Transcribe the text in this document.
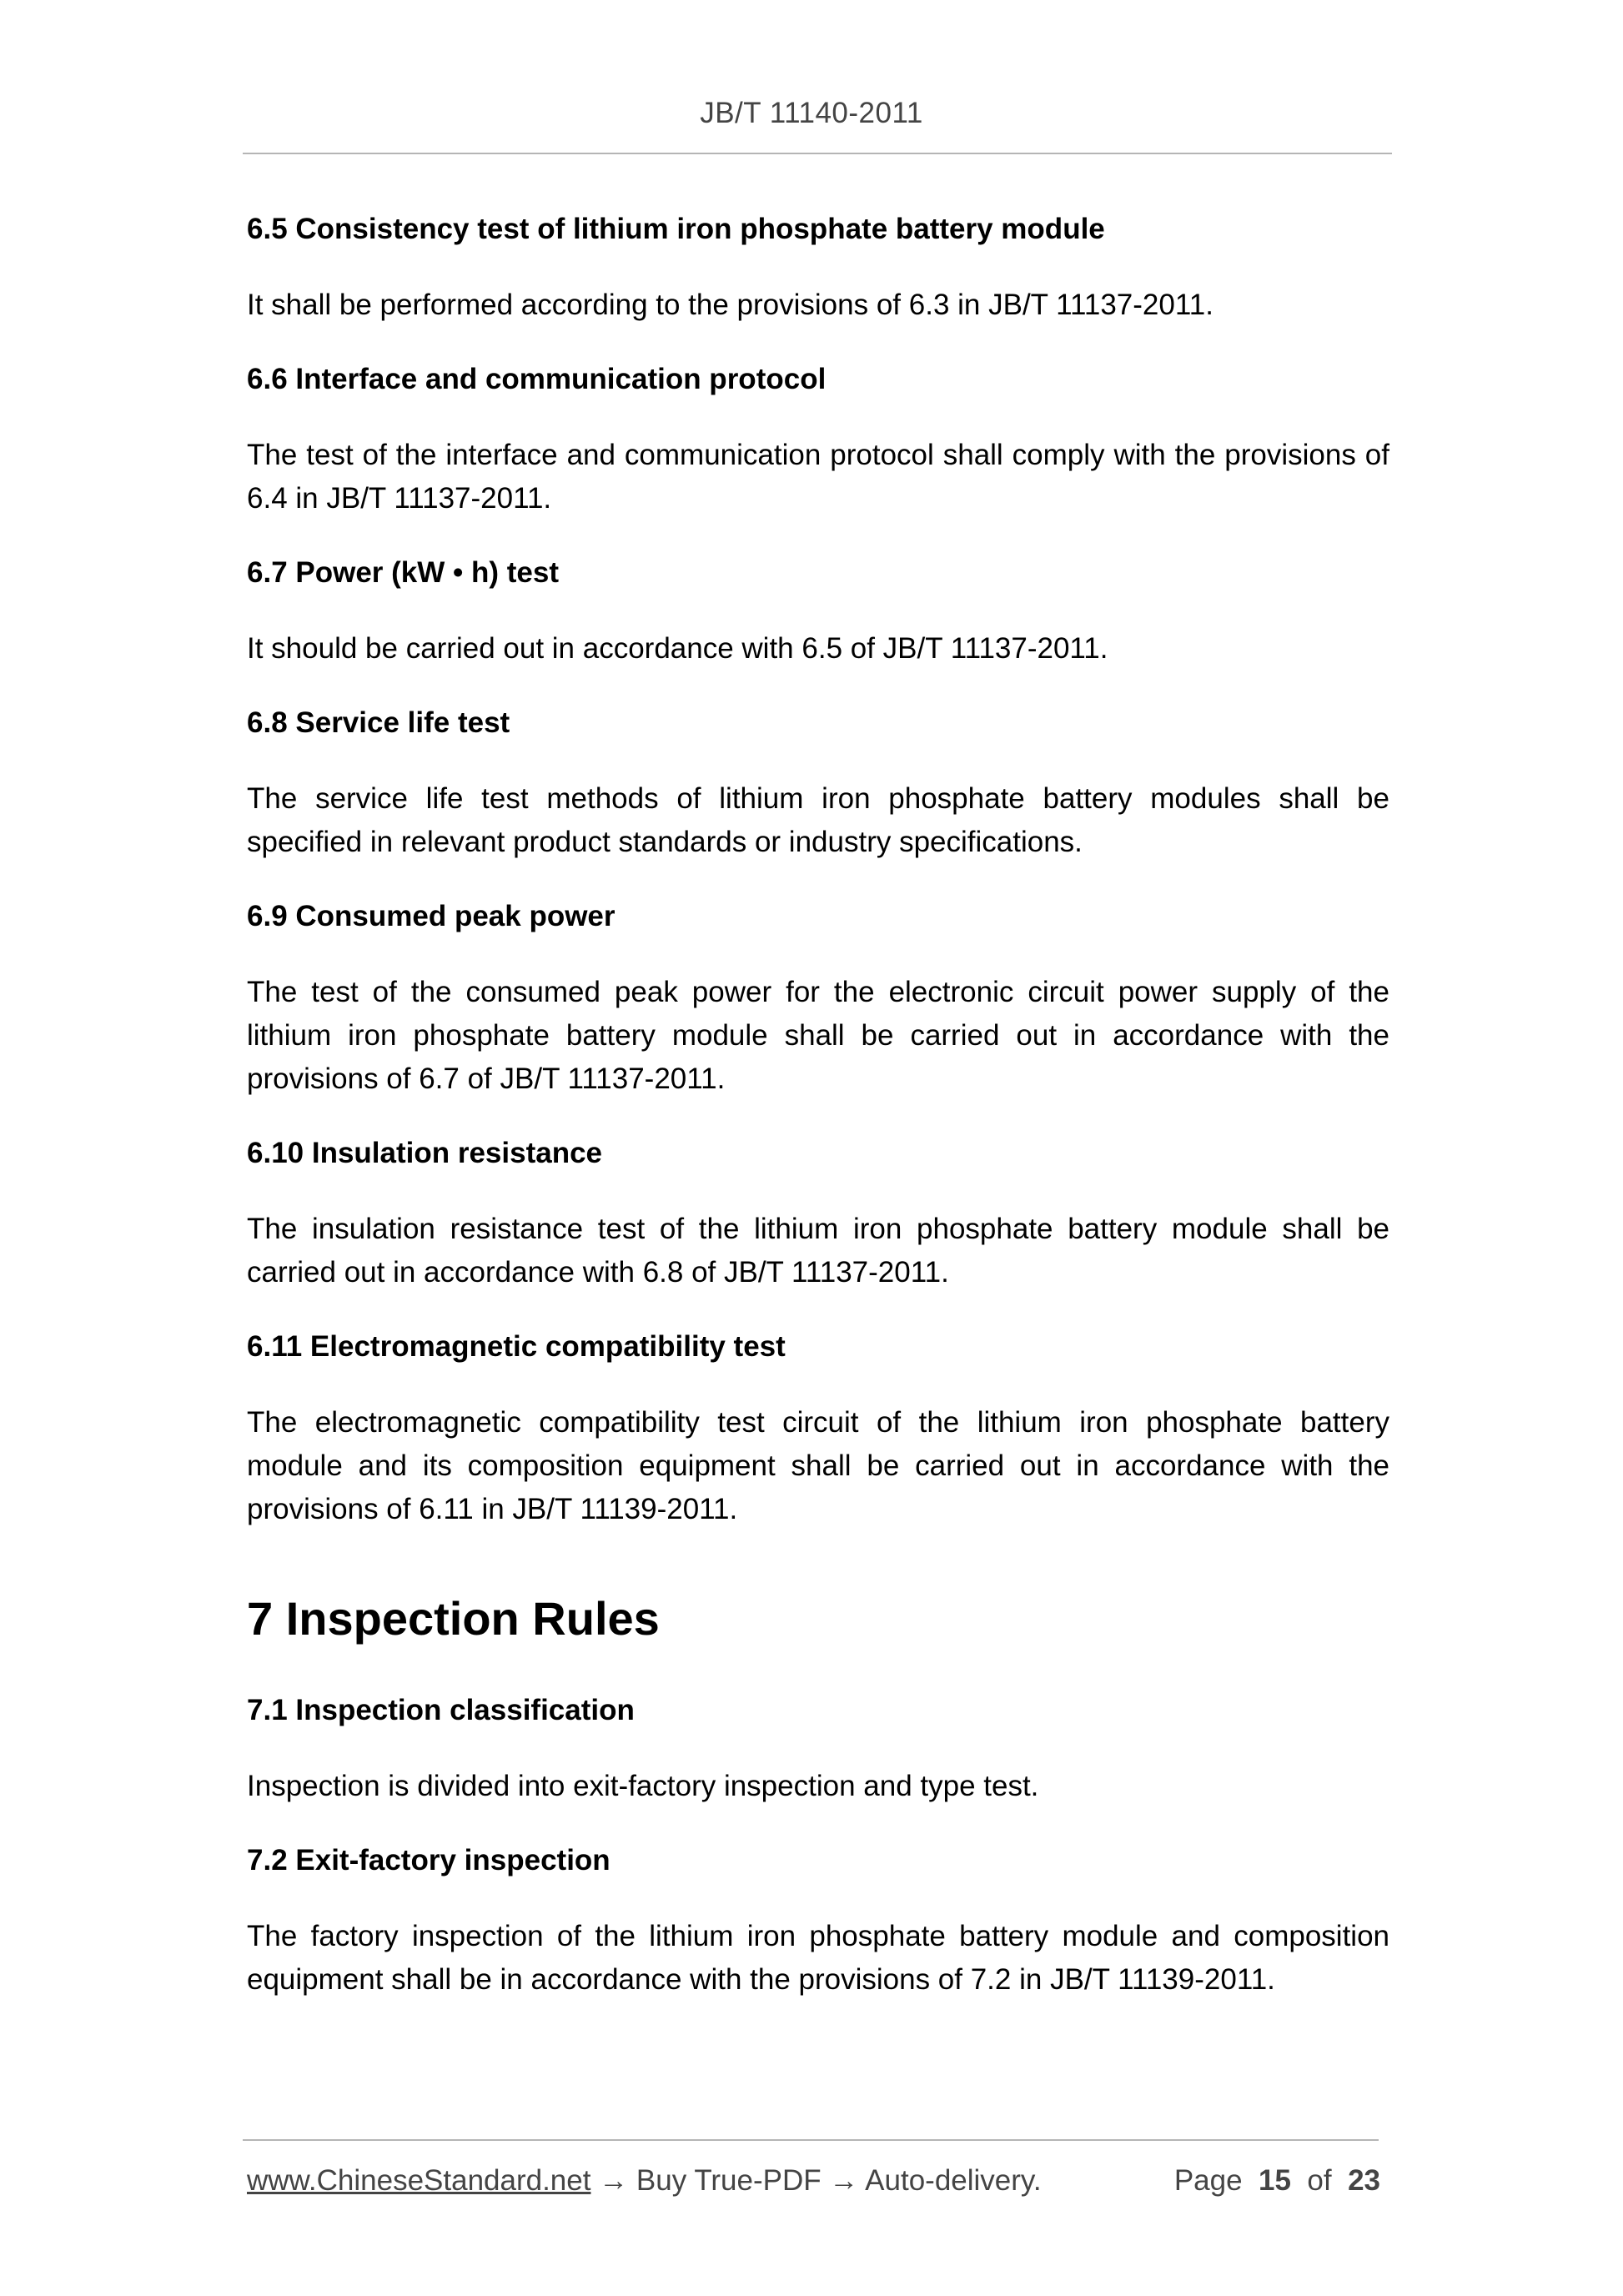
JB/T 11140-2011
6.5 Consistency test of lithium iron phosphate battery module
It shall be performed according to the provisions of 6.3 in JB/T 11137-2011.
6.6 Interface and communication protocol
The test of the interface and communication protocol shall comply with the provisions of 6.4 in JB/T 11137-2011.
6.7 Power (kW • h) test
It should be carried out in accordance with 6.5 of JB/T 11137-2011.
6.8 Service life test
The service life test methods of lithium iron phosphate battery modules shall be specified in relevant product standards or industry specifications.
6.9 Consumed peak power
The test of the consumed peak power for the electronic circuit power supply of the lithium iron phosphate battery module shall be carried out in accordance with the provisions of 6.7 of JB/T 11137-2011.
6.10 Insulation resistance
The insulation resistance test of the lithium iron phosphate battery module shall be carried out in accordance with 6.8 of JB/T 11137-2011.
6.11 Electromagnetic compatibility test
The electromagnetic compatibility test circuit of the lithium iron phosphate battery module and its composition equipment shall be carried out in accordance with the provisions of 6.11 in JB/T 11139-2011.
7 Inspection Rules
7.1 Inspection classification
Inspection is divided into exit-factory inspection and type test.
7.2 Exit-factory inspection
The factory inspection of the lithium iron phosphate battery module and composition equipment shall be in accordance with the provisions of 7.2 in JB/T 11139-2011.
www.ChineseStandard.net → Buy True-PDF → Auto-delivery.	Page 15 of 23
